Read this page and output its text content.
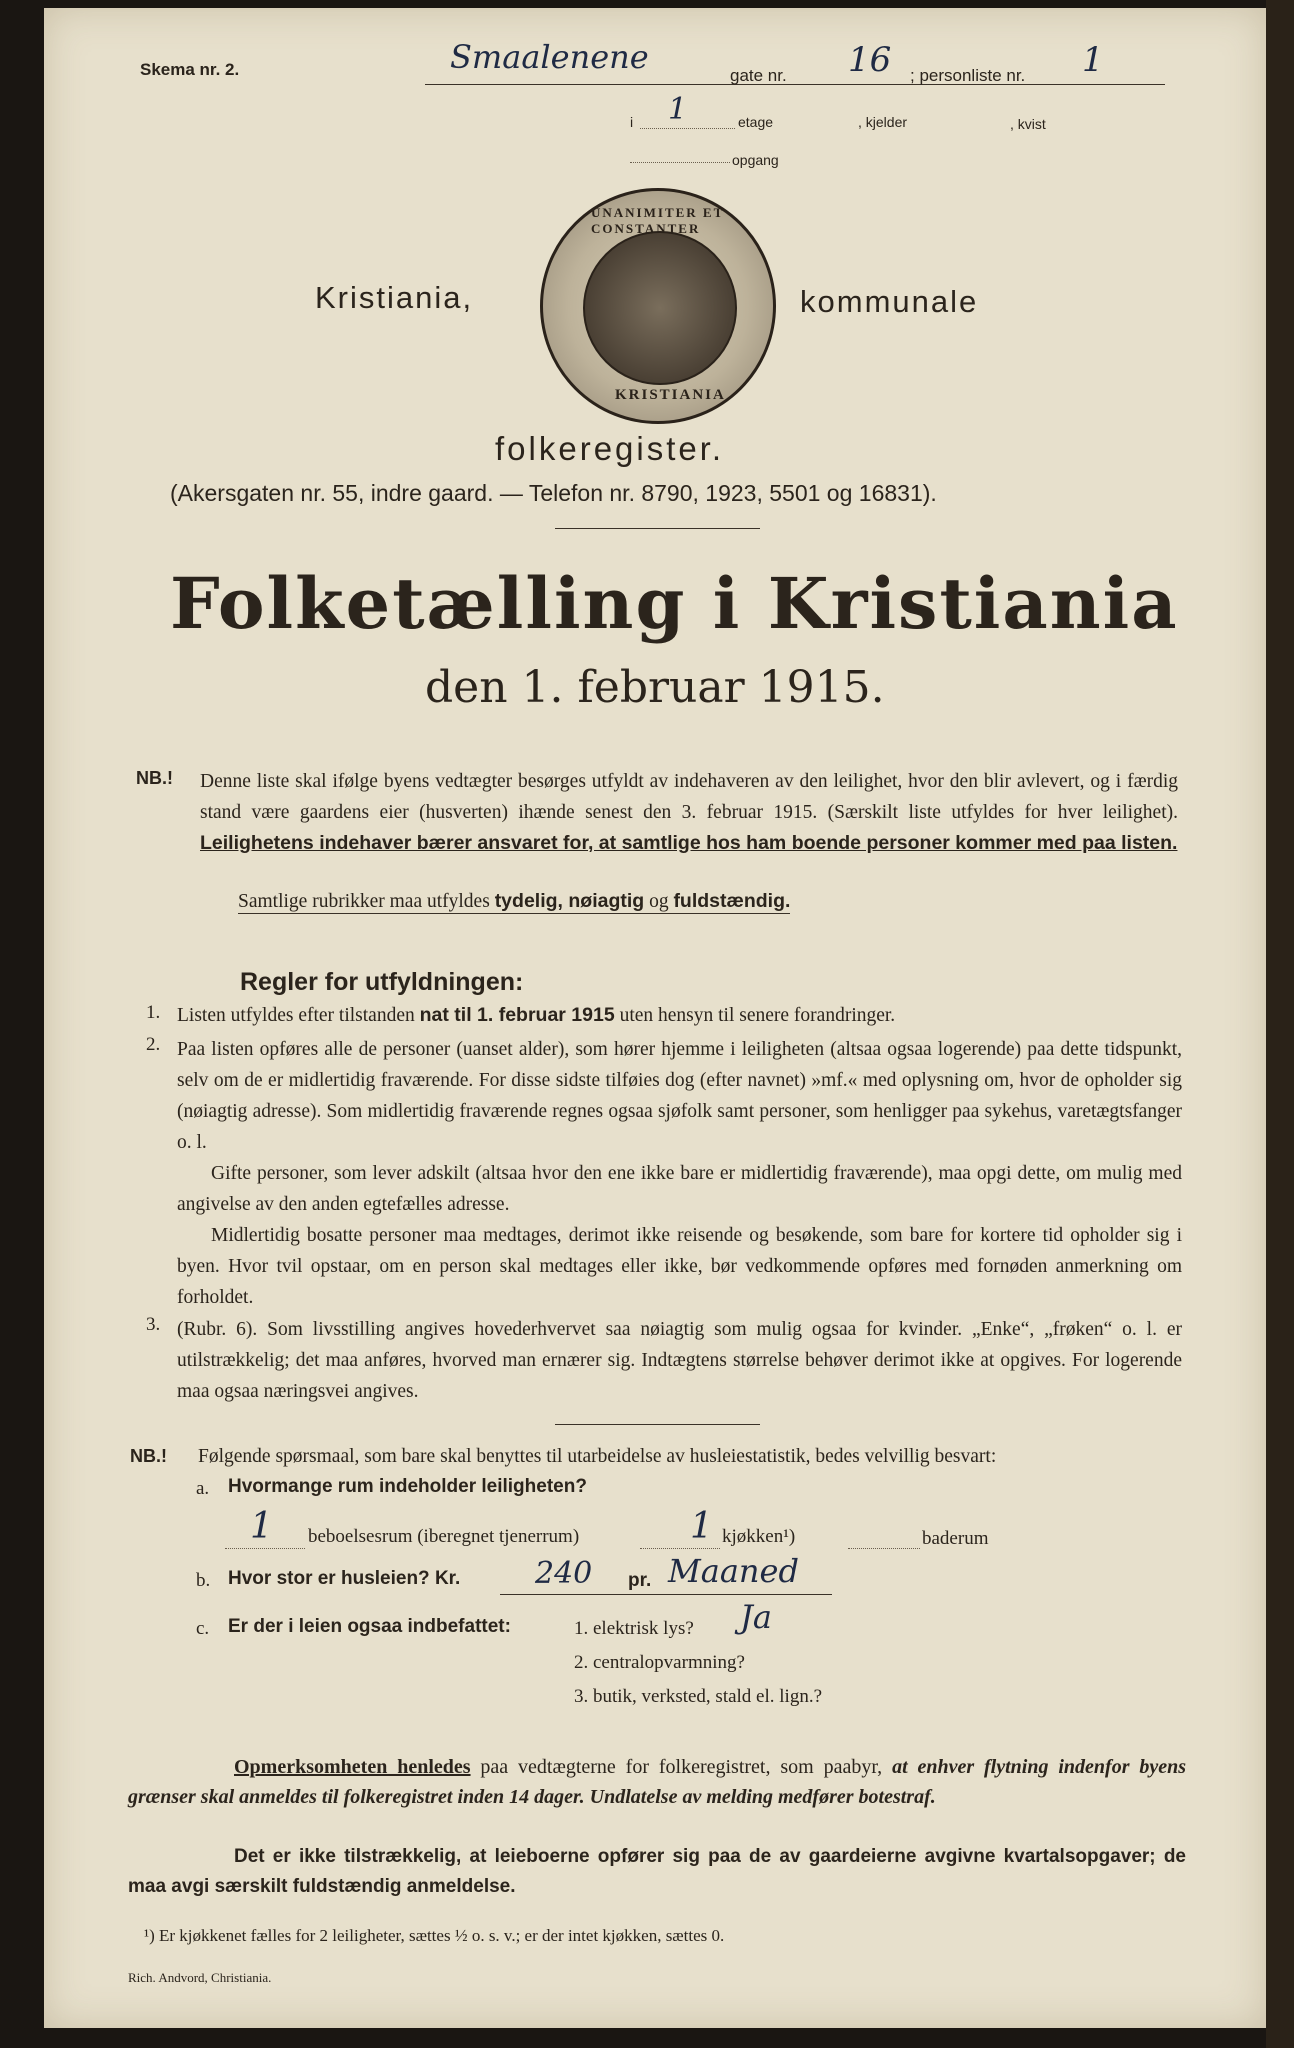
Skema nr. 2.	Smaalenene	gate nr. 16 ; personliste nr. 1
i 1	etage	, kjelder	, kvist
opgang
UNANIMITER ET CONSTANTER
KRISTIANIA
Kristiania,	kommunale
folkeregister.
(Akersgaten nr. 55, indre gaard. — Telefon nr. 8790, 1923, 5501 og 16831).
Folketælling i Kristiania
den 1. februar 1915.
NB.! Denne liste skal ifølge byens vedtægter besørges utfyldt av indehaveren av den leilighet, hvor den blir avlevert, og i færdig stand være gaardens eier (husverten) ihænde senest den 3. februar 1915. (Særskilt liste utfyldes for hver leilighet). Leilighetens indehaver bærer ansvaret for, at samtlige hos ham boende personer kommer med paa listen.
Samtlige rubrikker maa utfyldes tydelig, nøiagtig og fuldstændig.
Regler for utfyldningen:
1. Listen utfyldes efter tilstanden nat til 1. februar 1915 uten hensyn til senere forandringer.
2. Paa listen opføres alle de personer (uanset alder), som hører hjemme i leiligheten (altsaa ogsaa logerende) paa dette tidspunkt, selv om de er midlertidig fraværende. For disse sidste tilføies dog (efter navnet) »mf.« med oplysning om, hvor de opholder sig (nøiagtig adresse). Som midlertidig fraværende regnes ogsaa sjøfolk samt personer, som henligger paa sykehus, varetægtsfanger o. l.
Gifte personer, som lever adskilt (altsaa hvor den ene ikke bare er midlertidig fraværende), maa opgi dette, om mulig med angivelse av den anden egtefælles adresse.
Midlertidig bosatte personer maa medtages, derimot ikke reisende og besøkende, som bare for kortere tid opholder sig i byen. Hvor tvil opstaar, om en person skal medtages eller ikke, bør vedkommende opføres med fornøden anmerkning om forholdet.
3. (Rubr. 6). Som livsstilling angives hovederhvervet saa nøiagtig som mulig ogsaa for kvinder. „Enke“, „frøken“ o. l. er utilstrækkelig; det maa anføres, hvorved man ernærer sig. Indtægtens størrelse behøver derimot ikke at opgives. For logerende maa ogsaa næringsvei angives.
NB.! Følgende spørsmaal, som bare skal benyttes til utarbeidelse av husleiestatistik, bedes velvillig besvart:
a. Hvormange rum indeholder leiligheten?
1 beboelsesrum (iberegnet tjenerrum)	1 kjøkken¹)	baderum
b. Hvor stor er husleien? Kr. 240 pr. Maaned
c. Er der i leien ogsaa indbefattet:	1. elektrisk lys? Ja
2. centralopvarmning?
3. butik, verksted, stald el. lign.?
Opmerksomheten henledes paa vedtægterne for folkeregistret, som paabyr, at enhver flytning indenfor byens grænser skal anmeldes til folkeregistret inden 14 dager. Undlatelse av melding medfører botestraf.
Det er ikke tilstrækkelig, at leieboerne opfører sig paa de av gaardeierne avgivne kvartalsopgaver; de maa avgi særskilt fuldstændig anmeldelse.
¹) Er kjøkkenet fælles for 2 leiligheter, sættes ½ o. s. v.; er der intet kjøkken, sættes 0.
Rich. Andvord, Christiania.
